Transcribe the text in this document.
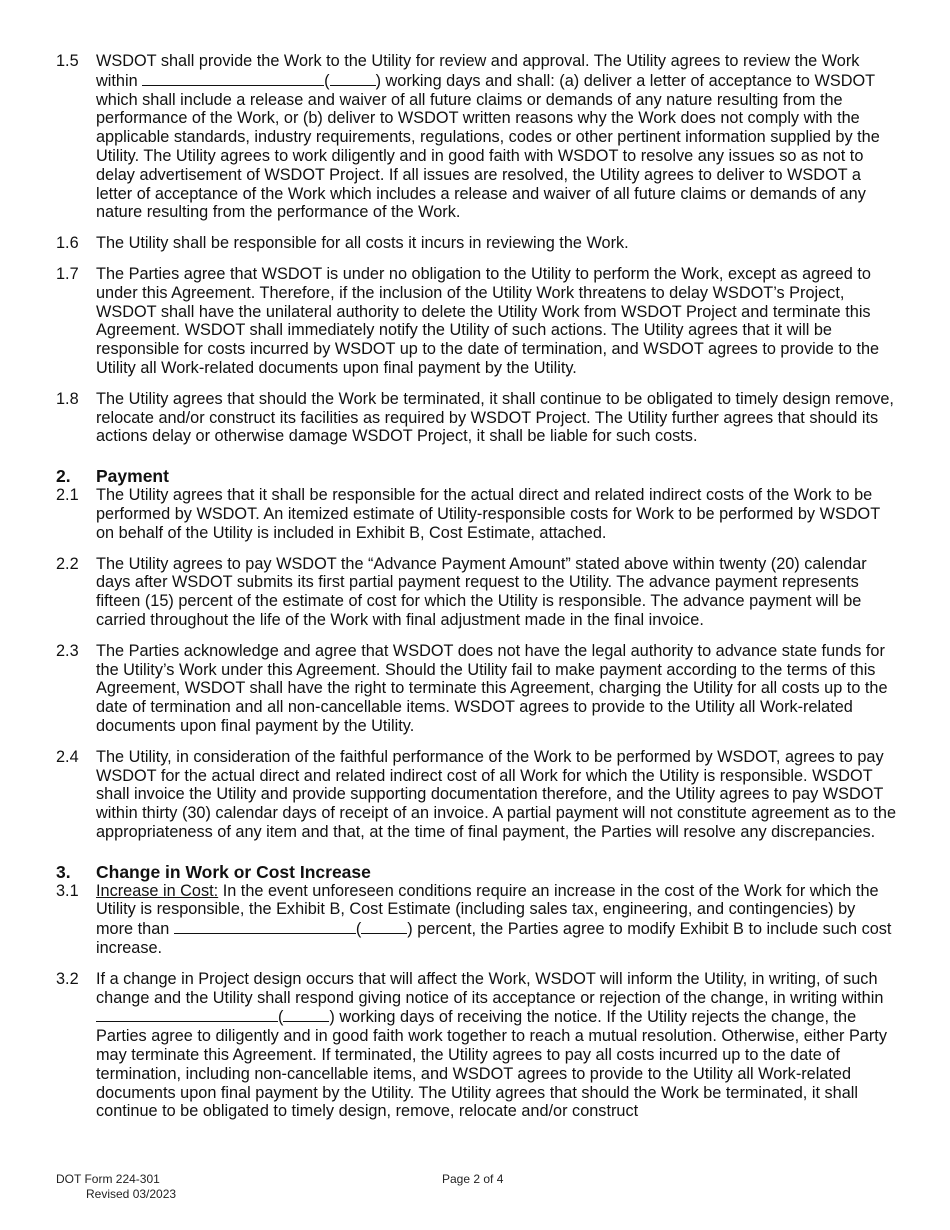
1.5	WSDOT shall provide the Work to the Utility for review and approval. The Utility agrees to review the Work within	(	) working days and shall: (a) deliver a letter of acceptance to WSDOT which shall include a release and waiver of all future claims or demands of any nature resulting from the performance of the Work, or (b) deliver to WSDOT written reasons why the Work does not comply with the applicable standards, industry requirements, regulations, codes or other pertinent information supplied by the Utility. The Utility agrees to work diligently and in good faith with WSDOT to resolve any issues so as not to delay advertisement of WSDOT Project. If all issues are resolved, the Utility agrees to deliver to WSDOT a letter of acceptance of the Work which includes a release and waiver of all future claims or demands of any nature resulting from the performance of the Work.
1.6	The Utility shall be responsible for all costs it incurs in reviewing the Work.
1.7	The Parties agree that WSDOT is under no obligation to the Utility to perform the Work, except as agreed to under this Agreement. Therefore, if the inclusion of the Utility Work threatens to delay WSDOT’s Project, WSDOT shall have the unilateral authority to delete the Utility Work from WSDOT Project and terminate this Agreement. WSDOT shall immediately notify the Utility of such actions. The Utility agrees that it will be responsible for costs incurred by WSDOT up to the date of termination, and WSDOT agrees to provide to the Utility all Work-related documents upon final payment by the Utility.
1.8	The Utility agrees that should the Work be terminated, it shall continue to be obligated to timely design remove, relocate and/or construct its facilities as required by WSDOT Project. The Utility further agrees that should its actions delay or otherwise damage WSDOT Project, it shall be liable for such costs.
2.	Payment
2.1	The Utility agrees that it shall be responsible for the actual direct and related indirect costs of the Work to be performed by WSDOT. An itemized estimate of Utility-responsible costs for Work to be performed by WSDOT on behalf of the Utility is included in Exhibit B, Cost Estimate, attached.
2.2	The Utility agrees to pay WSDOT the “Advance Payment Amount” stated above within twenty (20) calendar days after WSDOT submits its first partial payment request to the Utility. The advance payment represents fifteen (15) percent of the estimate of cost for which the Utility is responsible. The advance payment will be carried throughout the life of the Work with final adjustment made in the final invoice.
2.3	The Parties acknowledge and agree that WSDOT does not have the legal authority to advance state funds for the Utility’s Work under this Agreement. Should the Utility fail to make payment according to the terms of this Agreement, WSDOT shall have the right to terminate this Agreement, charging the Utility for all costs up to the date of termination and all non-cancellable items. WSDOT agrees to provide to the Utility all Work-related documents upon final payment by the Utility.
2.4	The Utility, in consideration of the faithful performance of the Work to be performed by WSDOT, agrees to pay WSDOT for the actual direct and related indirect cost of all Work for which the Utility is responsible. WSDOT shall invoice the Utility and provide supporting documentation therefore, and the Utility agrees to pay WSDOT within thirty (30) calendar days of receipt of an invoice. A partial payment will not constitute agreement as to the appropriateness of any item and that, at the time of final payment, the Parties will resolve any discrepancies.
3.	Change in Work or Cost Increase
3.1	Increase in Cost: In the event unforeseen conditions require an increase in the cost of the Work for which the Utility is responsible, the Exhibit B, Cost Estimate (including sales tax, engineering, and contingencies) by more than	(	) percent, the Parties agree to modify Exhibit B to include such cost increase.
3.2	If a change in Project design occurs that will affect the Work, WSDOT will inform the Utility, in writing, of such change and the Utility shall respond giving notice of its acceptance or rejection of the change, in writing within (	) working days of receiving the notice. If the Utility rejects the change, the Parties agree to diligently and in good faith work together to reach a mutual resolution. Otherwise, either Party may terminate this Agreement. If terminated, the Utility agrees to pay all costs incurred up to the date of termination, including non-cancellable items, and WSDOT agrees to provide to the Utility all Work-related documents upon final payment by the Utility. The Utility agrees that should the Work be terminated, it shall continue to be obligated to timely design, remove, relocate and/or construct
DOT Form 224-301
Revised 03/2023
Page 2 of 4
